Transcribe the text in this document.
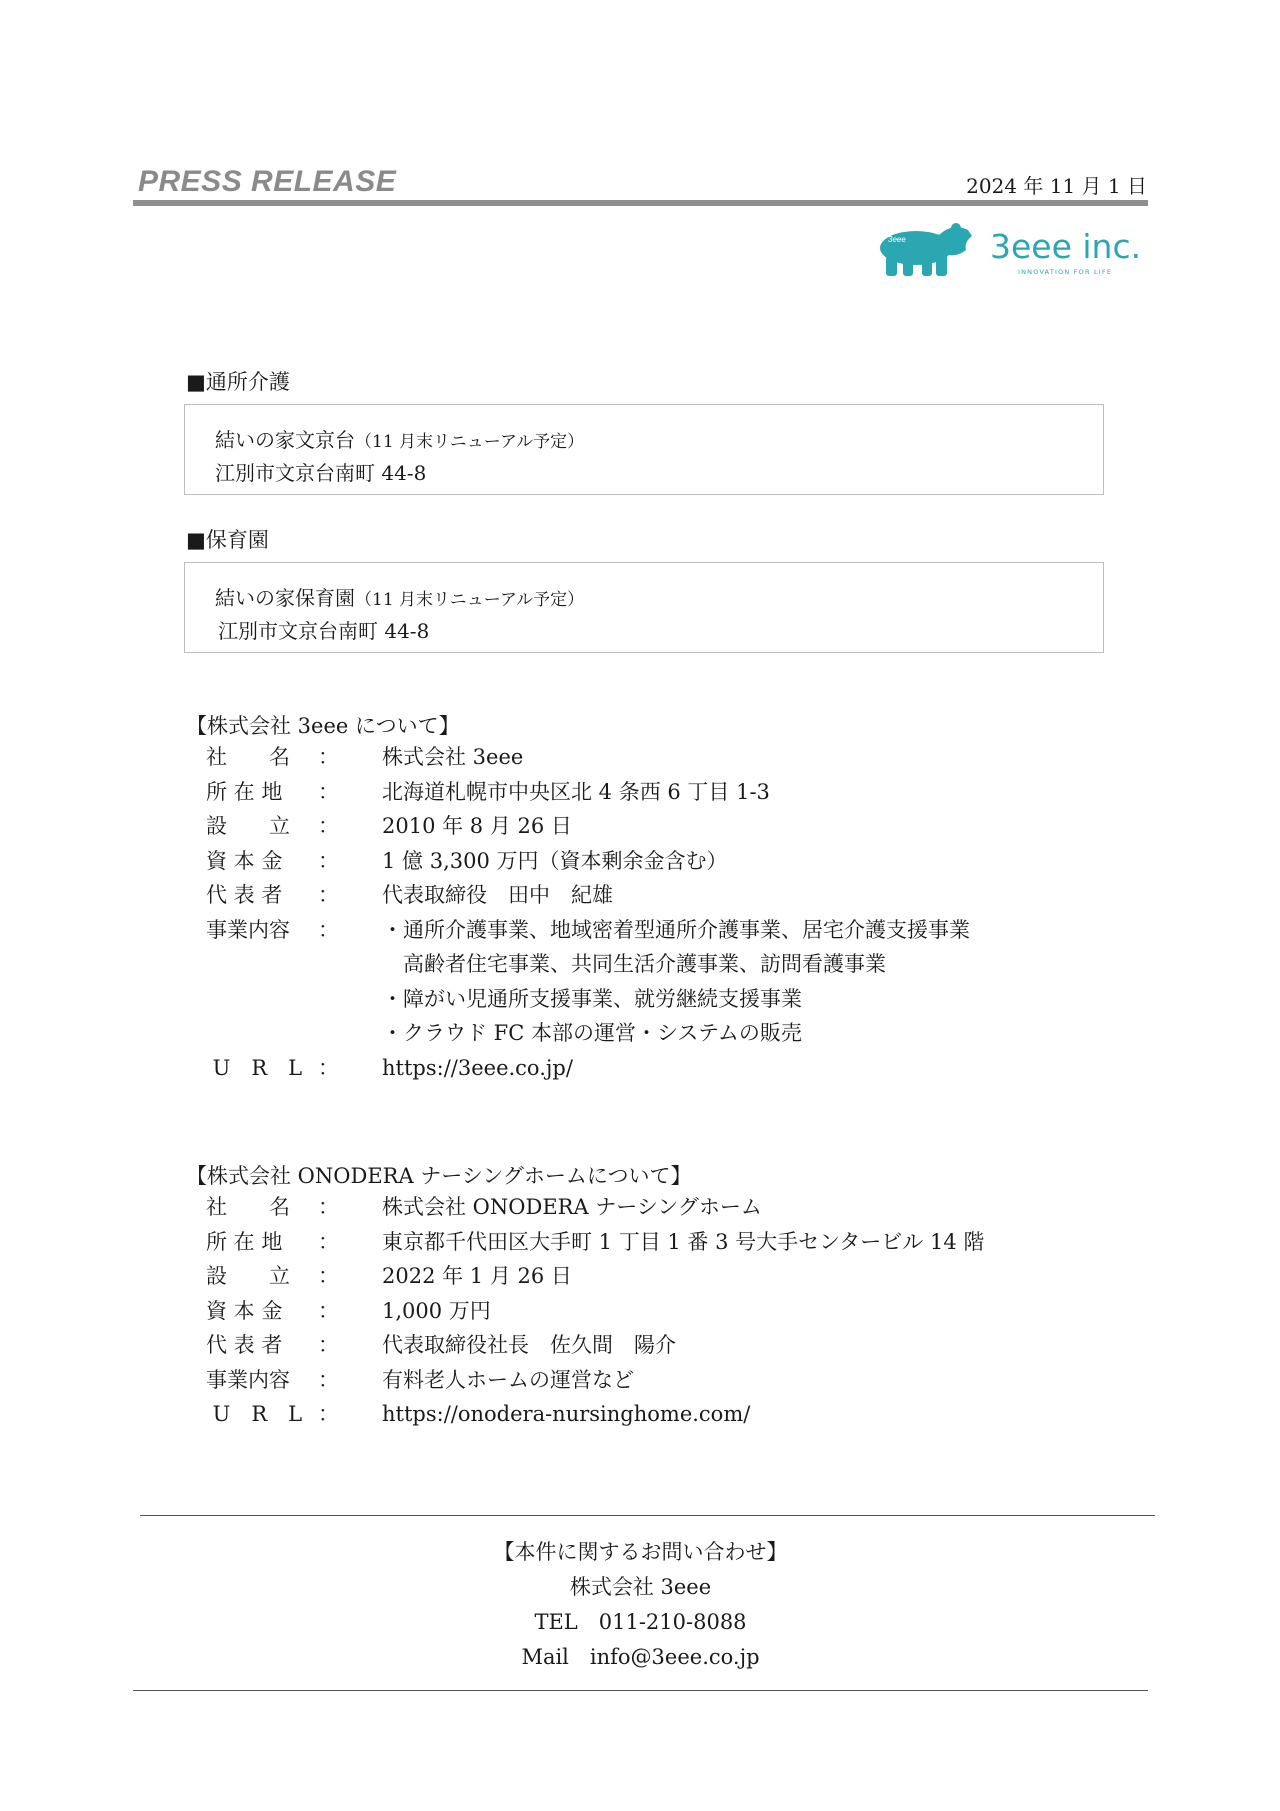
PRESS RELEASE	2024 年 11 月 1 日
3eee	3eee inc.
INNOVATION FOR LIFE
■通所介護
結いの家文京台（11 月末リニューアル予定）
江別市文京台南町 44-8
■保育園
結いの家保育園（11 月末リニューアル予定）
江別市文京台南町 44-8
【株式会社 3eee について】
社　　名	： 株式会社 3eee
所 在 地	： 北海道札幌市中央区北 4 条西 6 丁目 1-3
設　　立	： 2010 年 8 月 26 日
資 本 金	： 1 億 3,300 万円（資本剰余金含む）
代 表 者	： 代表取締役　田中　紀雄
事業内容	： ・通所介護事業、地域密着型通所介護事業、居宅介護支援事業
　高齢者住宅事業、共同生活介護事業、訪問看護事業
・障がい児通所支援事業、就労継続支援事業
・クラウド FC 本部の運営・システムの販売
U　R　L ： https://3eee.co.jp/
【株式会社 ONODERA ナーシングホームについて】
社　　名	： 株式会社 ONODERA ナーシングホーム
所 在 地	： 東京都千代田区大手町 1 丁目 1 番 3 号大手センタービル 14 階
設　　立	： 2022 年 1 月 26 日
資 本 金	： 1,000 万円
代 表 者	： 代表取締役社長　佐久間　陽介
事業内容	： 有料老人ホームの運営など
U　R　L ： https://onodera-nursinghome.com/
【本件に関するお問い合わせ】
株式会社 3eee
TEL　011-210-8088
Mail　info@3eee.co.jp
